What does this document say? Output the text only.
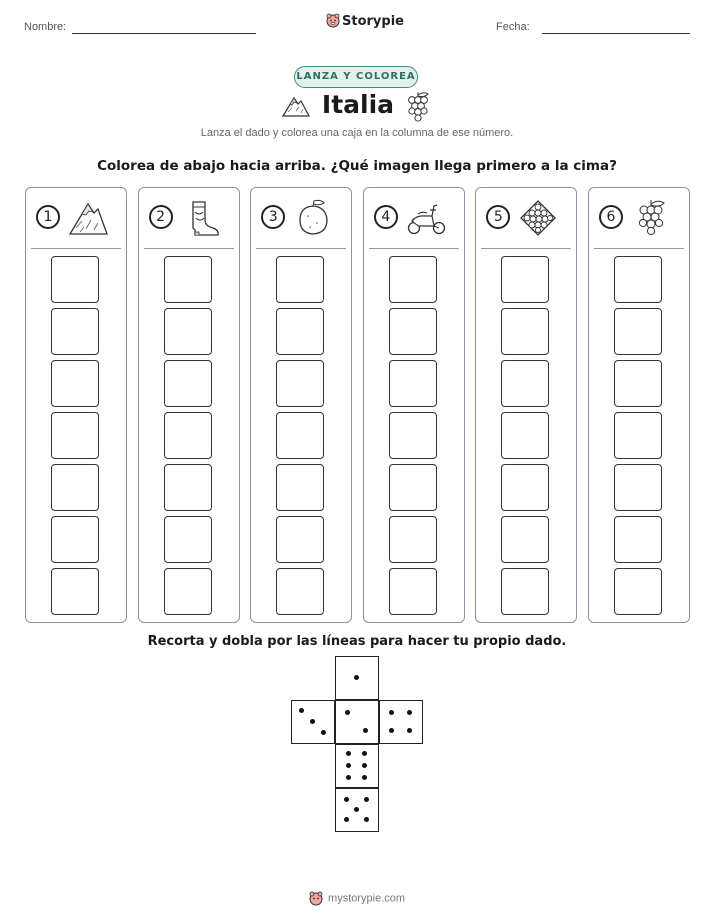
Nombre:	Storypie	Fecha:
LANZA Y COLOREA
Italia
Lanza el dado y colorea una caja en la columna de ese número.
Colorea de abajo hacia arriba. ¿Qué imagen llega primero a la cima?
1	2	3	4	5	6
Recorta y dobla por las líneas para hacer tu propio dado.
mystorypie.com
